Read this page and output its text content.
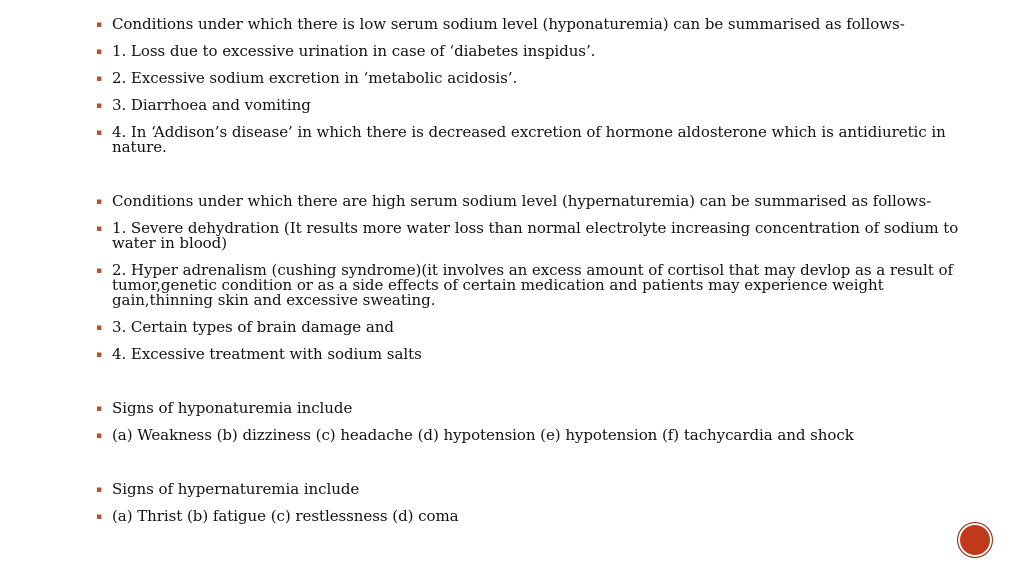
▪ Conditions under which there is low serum sodium level (hyponaturemia) can be summarised as follows-
▪ 1. Loss due to excessive urination in case of ‘diabetes inspidus’.
▪ 2. Excessive sodium excretion in ‘metabolic acidosis’.
▪ 3. Diarrhoea and vomiting
▪ 4. In ‘Addison’s disease’ in which there is decreased excretion of hormone aldosterone which is antidiuretic in nature.
▪ Conditions under which there are high serum sodium level (hypernaturemia) can be summarised as follows-
▪ 1. Severe dehydration (It results more water loss than normal electrolyte increasing concentration of sodium to water in blood)
▪ 2. Hyper adrenalism (cushing syndrome)(it involves an excess amount of cortisol that may devlop as a result of tumor,genetic condition or as a side effects of certain medication and patients may experience weight gain,thinning skin and excessive sweating.
▪ 3. Certain types of brain damage and
▪ 4. Excessive treatment with sodium salts
▪ Signs of hyponaturemia include
▪ (a) Weakness (b) dizziness (c) headache (d) hypotension (e) hypotension (f) tachycardia and shock
▪ Signs of hypernaturemia include
▪ (a) Thrist (b) fatigue (c) restlessness (d) coma
